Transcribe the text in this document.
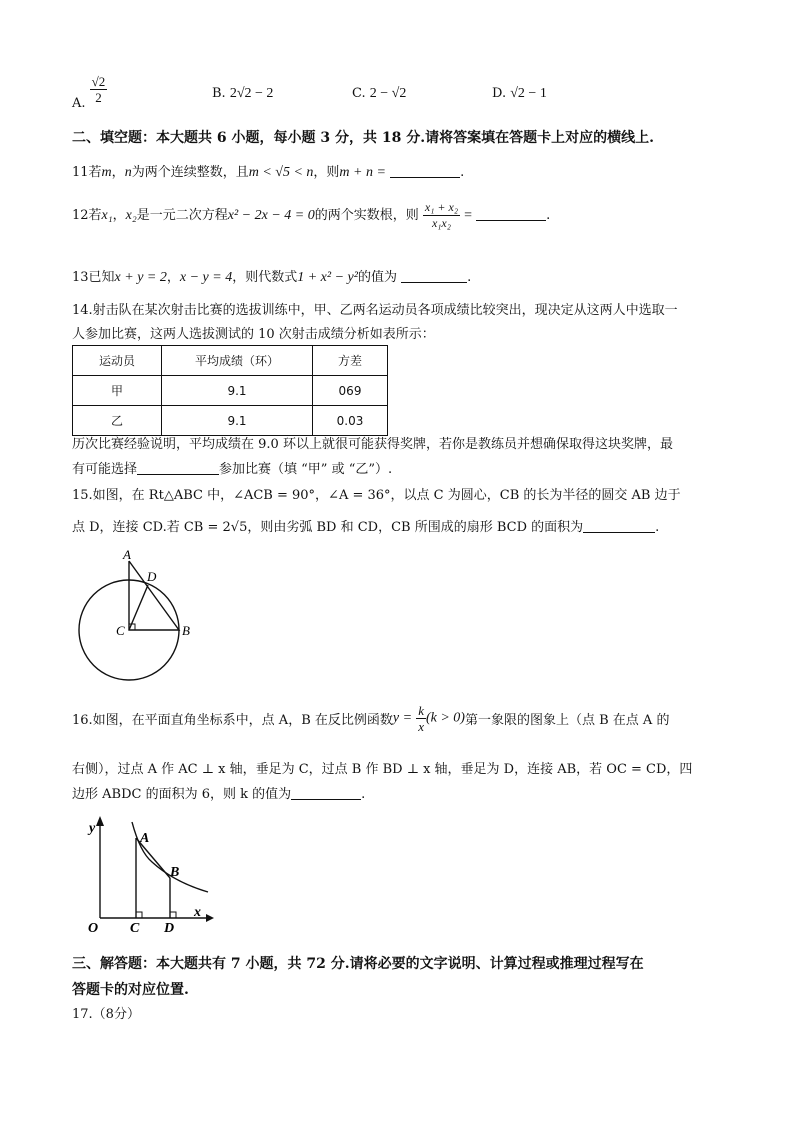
A. $\frac{√2}{2}$	B. 2√2 − 2	C. 2 − √2	D. √2 − 1
二、填空题：本大题共 6 小题，每小题 3 分，共 18 分.请将答案填在答题卡上对应的横线上.
11若m，n为两个连续整数，且m < √5 < n，则m + n =	.
12若x₁，x₂是一元二次方程x² − 2x − 4 = 0的两个实数根，则 $\frac{\text{x₁ + x₂}}{\text{x₁x₂}}$ =	.
13已知x + y = 2，x − y = 4，则代数式1 + x² − y²的值为	.
14.射击队在某次射击比赛的选拔训练中，甲、乙两名运动员各项成绩比较突出，现决定从这两人中选取一
人参加比赛，这两人选拔测试的 10 次射击成绩分析如表所示：
运动员	平均成绩（环）	方差
甲	9.1	069
乙	9.1	0.03
历次比赛经验说明，平均成绩在 9.0 环以上就很可能获得奖牌，若你是教练员并想确保取得这块奖牌，最
有可能选择	参加比赛（填 “甲” 或 “乙”）.
15.如图，在 Rt△ABC 中，∠ACB = 90°，∠A = 36°，以点 C 为圆心，CB 的长为半径的圆交 AB 边于
点 D，连接 CD.若 CB = 2√5，则由劣弧 BD 和 CD，CB 所围成的扇形 BCD 的面积为	.
A
D
C	B
16.如图，在平面直角坐标系中，点 A，B 在反比例函数$y = \frac{k}{x} (k > 0)$第一象限的图象上（点 B 在点 A 的
右侧），过点 A 作 AC ⊥ x 轴，垂足为 C，过点 B 作 BD ⊥ x 轴，垂足为 D，连接 AB，若 OC = CD，四
边形 ABDC 的面积为 6，则 k 的值为	.
y
x
O
A
B
C D
三、解答题：本大题共有 7 小题，共 72 分.请将必要的文字说明、计算过程或推理过程写在
答题卡的对应位置.
17.（8分）
